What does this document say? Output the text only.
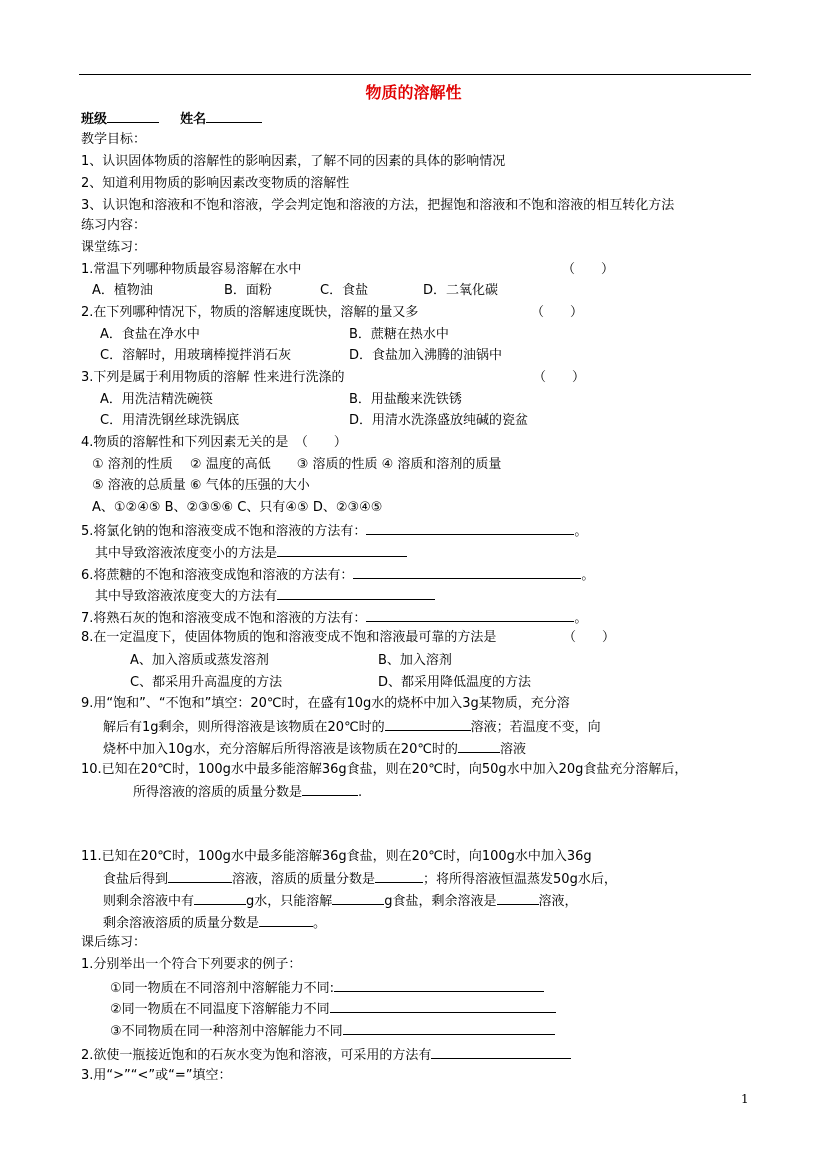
物质的溶解性
班级	姓名
教学目标：
1、认识固体物质的溶解性的影响因素，了解不同的因素的具体的影响情况
2、知道利用物质的影响因素改变物质的溶解性
3、认识饱和溶液和不饱和溶液，学会判定饱和溶液的方法，把握饱和溶液和不饱和溶液的相互转化方法
练习内容：
课堂练习：
1.常温下列哪种物质最容易溶解在水中	（　　）
A．植物油	B．面粉	C．食盐	D．二氧化碳
2.在下列哪种情况下，物质的溶解速度既快，溶解的量又多	（　　）
A．食盐在净水中	B．蔗糖在热水中
C．溶解时，用玻璃棒搅拌消石灰	D．食盐加入沸腾的油锅中
3.下列是属于利用物质的溶解 性来进行洗涤的	（　　）
A．用洗洁精洗碗筷	B．用盐酸来洗铁锈
C．用清洗钢丝球洗锅底	D．用清水洗涤盛放纯碱的瓷盆
4.物质的溶解性和下列因素无关的是　（　　）
① 溶剂的性质　 ② 温度的高低　　③ 溶质的性质 ④ 溶质和溶剂的质量
⑤ 溶液的总质量 ⑥ 气体的压强的大小
A、①②④⑤ B、②③⑤⑥ C、只有④⑤ D、②③④⑤
5.将氯化钠的饱和溶液变成不饱和溶液的方法有：	。
其中导致溶液浓度变小的方法是
6.将蔗糖的不饱和溶液变成饱和溶液的方法有：	。
其中导致溶液浓度变大的方法有
7.将熟石灰的饱和溶液变成不饱和溶液的方法有：	。
8.在一定温度下，使固体物质的饱和溶液变成不饱和溶液最可靠的方法是	（　　）
A、加入溶质或蒸发溶剂	B、加入溶剂
C、都采用升高温度的方法	D、都采用降低温度的方法
9.用“饱和”、“不饱和”填空：20℃时，在盛有10g水的烧杯中加入3g某物质，充分溶
解后有1g剩余，则所得溶液是该物质在20℃时的	溶液；若温度不变，向
烧杯中加入10g水，充分溶解后所得溶液是该物质在20℃时的	溶液
10.已知在20℃时，100g水中最多能溶解36g食盐，则在20℃时，向50g水中加入20g食盐充分溶解后，
所得溶液的溶质的质量分数是	.
11.已知在20℃时，100g水中最多能溶解36g食盐，则在20℃时，向100g水中加入36g
食盐后得到	溶液，溶质的质量分数是	；将所得溶液恒温蒸发50g水后，
则剩余溶液中有	g水，只能溶解	g食盐，剩余溶液是	溶液，
剩余溶液溶质的质量分数是	。
课后练习：
1.分别举出一个符合下列要求的例子：
①同一物质在不同溶剂中溶解能力不同:
②同一物质在不同温度下溶解能力不同
③不同物质在同一种溶剂中溶解能力不同
2.欲使一瓶接近饱和的石灰水变为饱和溶液，可采用的方法有
3.用“>”“<”或“=”填空：
1
